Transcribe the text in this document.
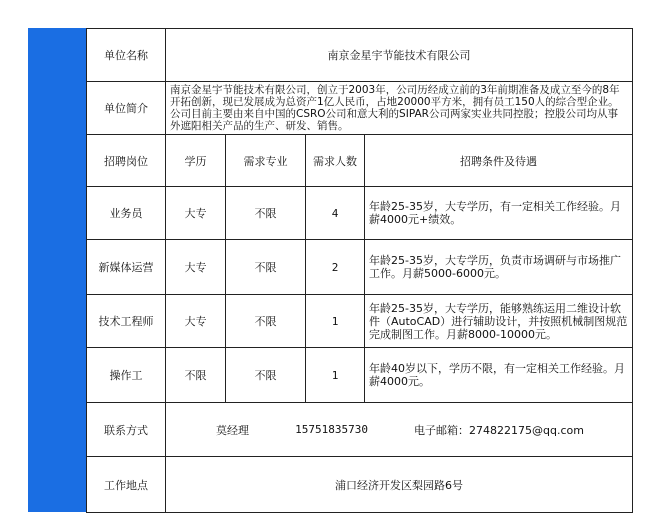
单位名称	南京金星宇节能技术有限公司			
单位简介	南京金星宇节能技术有限公司，创立于2003年，公司历经成立前的3年前期准备及成立至今的8年开拓创新，现已发展成为总资产1亿人民币，占地20000平方米，拥有员工150人的综合型企业。公司目前主要由来自中国的CSRO公司和意大利的SIPAR公司两家实业共同控股；控股公司均从事外遮阳相关产品的生产、研发、销售。			
招聘岗位	学历	需求专业	需求人数	招聘条件及待遇
业务员	大专	不限	4	年龄25-35岁，大专学历，有一定相关工作经验。月薪4000元+绩效。
新媒体运营	大专	不限	2	年龄25-35岁，大专学历，负责市场调研与市场推广工作。月薪5000-6000元。
技术工程师	大专	不限	1	年龄25-35岁，大专学历，能够熟练运用二维设计软件（AutoCAD）进行辅助设计，并按照机械制图规范完成制图工作。月薪8000-10000元。
操作工	不限	不限	1	年龄40岁以下，学历不限，有一定相关工作经验。月薪4000元。
联系方式	莫经理 15751835730 电子邮箱：274822175@qq.com			

工作地点	浦口经济开发区梨园路6号			
